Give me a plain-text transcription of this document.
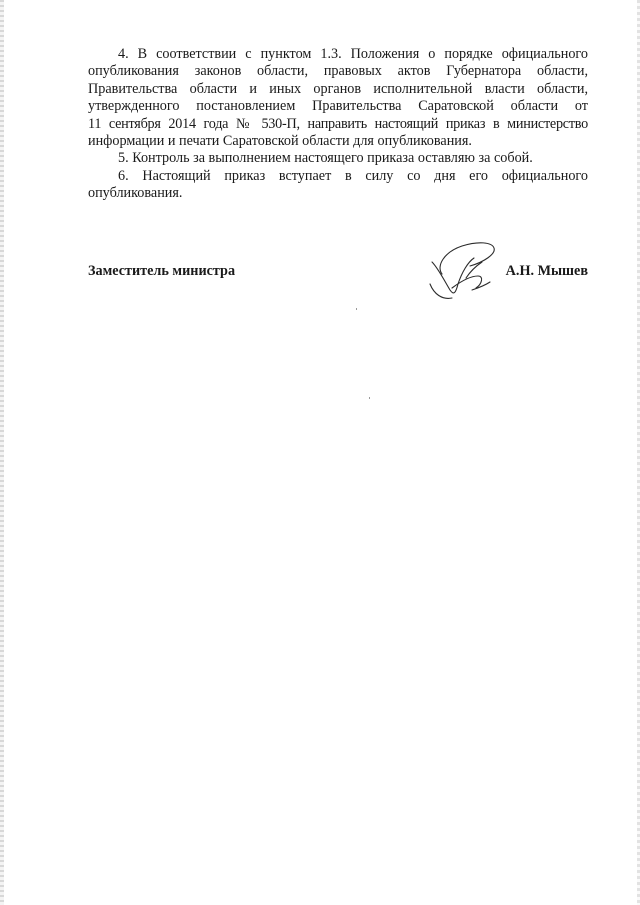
4. В соответствии с пунктом 1.3. Положения о порядке официального
опубликования законов области, правовых актов Губернатора области,
Правительства области и иных органов исполнительной власти области,
утвержденного постановлением Правительства Саратовской области от
11 сентября 2014 года № 530-П, направить настоящий приказ в министерство
информации и печати Саратовской области для опубликования.

5. Контроль за выполнением настоящего приказа оставляю за собой.

6. Настоящий приказ вступает в силу со дня его официального
опубликования.

Заместитель министра	А.Н. Мышев
